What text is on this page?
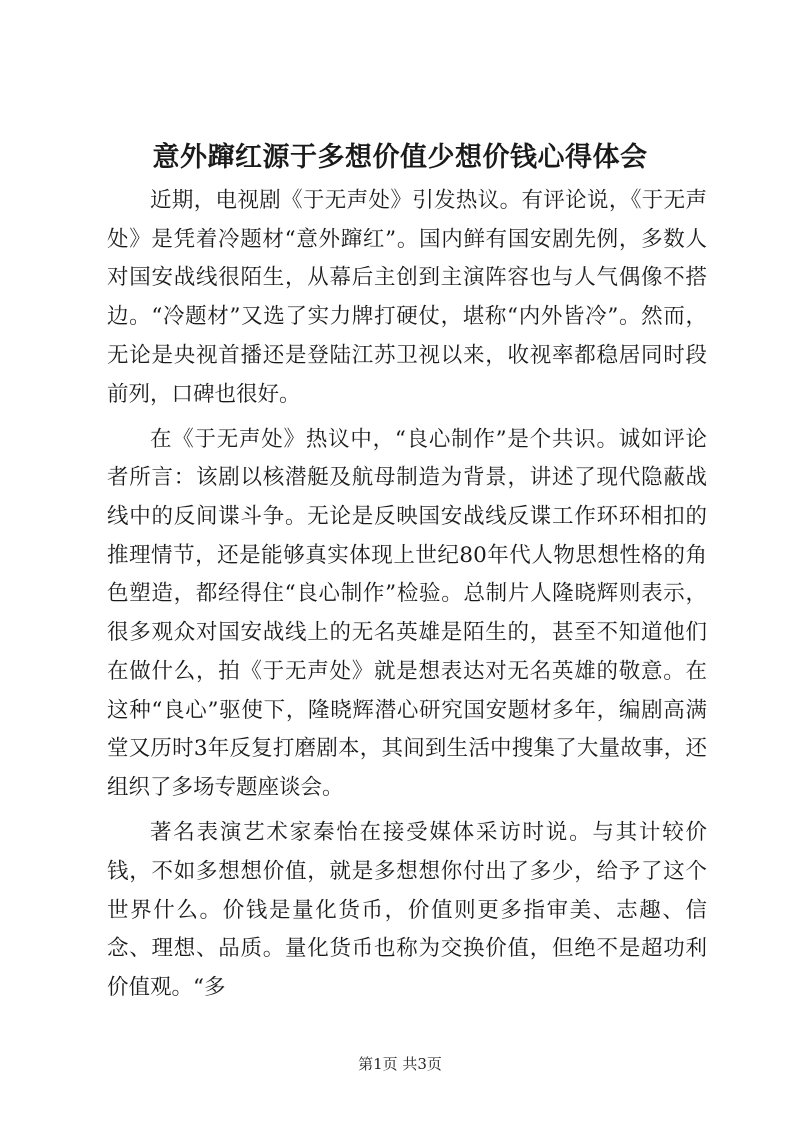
意外蹿红源于多想价值少想价钱心得体会

近期，电视剧《于无声处》引发热议。有评论说，《于无声处》是凭着冷题材“意外蹿红”。国内鲜有国安剧先例，多数人对国安战线很陌生，从幕后主创到主演阵容也与人气偶像不搭边。“冷题材”又选了实力牌打硬仗，堪称“内外皆冷”。然而，无论是央视首播还是登陆江苏卫视以来，收视率都稳居同时段前列，口碑也很好。

在《于无声处》热议中，“良心制作”是个共识。诚如评论者所言：该剧以核潜艇及航母制造为背景，讲述了现代隐蔽战线中的反间谍斗争。无论是反映国安战线反谍工作环环相扣的推理情节，还是能够真实体现上世纪80年代人物思想性格的角色塑造，都经得住“良心制作”检验。总制片人隆晓辉则表示，很多观众对国安战线上的无名英雄是陌生的，甚至不知道他们在做什么，拍《于无声处》就是想表达对无名英雄的敬意。在这种“良心”驱使下，隆晓辉潜心研究国安题材多年，编剧高满堂又历时3年反复打磨剧本，其间到生活中搜集了大量故事，还组织了多场专题座谈会。

著名表演艺术家秦怡在接受媒体采访时说。与其计较价钱，不如多想想价值，就是多想想你付出了多少，给予了这个世界什么。价钱是量化货币，价值则更多指审美、志趣、信念、理想、品质。量化货币也称为交换价值，但绝不是超功利价值观。“多

第1页 共3页
